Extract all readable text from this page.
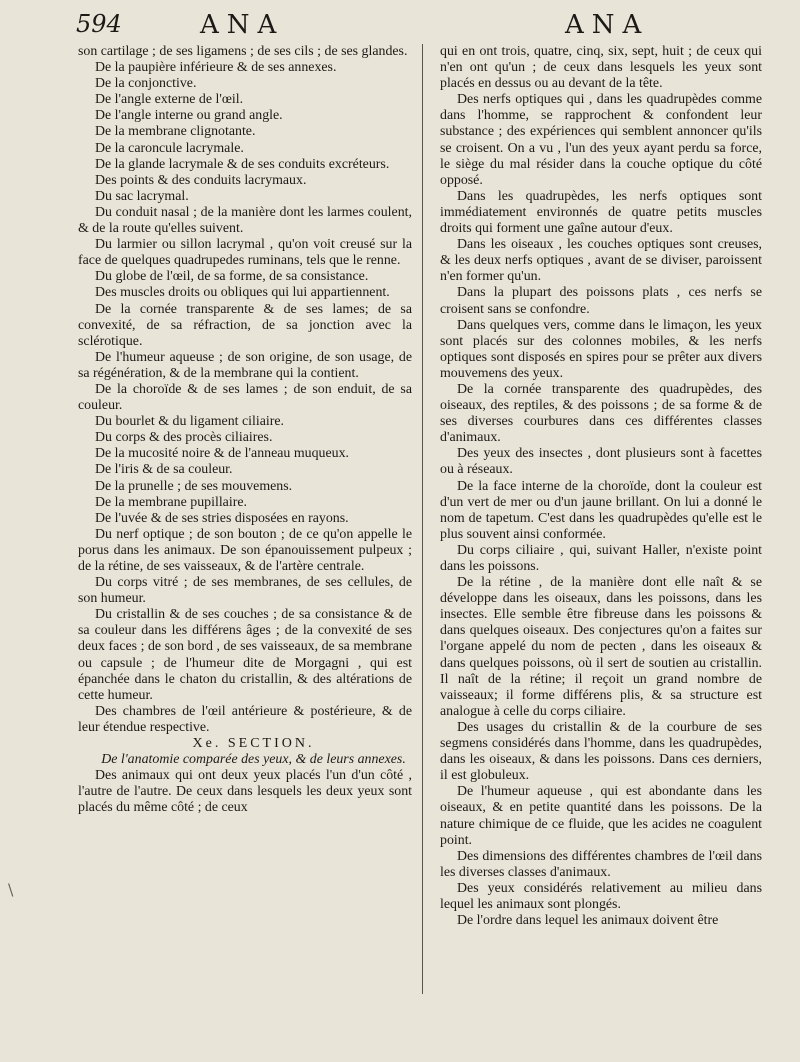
594	ANA	ANA
\

son cartilage ; de ses ligamens ; de ses cils ; de ses glandes.

De la paupière inférieure & de ses annexes.

De la conjonctive.

De l'angle externe de l'œil.

De l'angle interne ou grand angle.

De la membrane clignotante.

De la caroncule lacrymale.

De la glande lacrymale & de ses conduits excréteurs.

Des points & des conduits lacrymaux.

Du sac lacrymal.

Du conduit nasal ; de la manière dont les larmes coulent, & de la route qu'elles suivent.

Du larmier ou sillon lacrymal , qu'on voit creusé sur la face de quelques quadrupedes ruminans, tels que le renne.

Du globe de l'œil, de sa forme, de sa consistance.

Des muscles droits ou obliques qui lui appartiennent.

De la cornée transparente & de ses lames; de sa convexité, de sa réfraction, de sa jonction avec la sclérotique.

De l'humeur aqueuse ; de son origine, de son usage, de sa régénération, & de la membrane qui la contient.

De la choroïde & de ses lames ; de son enduit, de sa couleur.

Du bourlet & du ligament ciliaire.

Du corps & des procès ciliaires.

De la mucosité noire & de l'anneau muqueux.

De l'iris & de sa couleur.

De la prunelle ; de ses mouvemens.

De la membrane pupillaire.

De l'uvée & de ses stries disposées en rayons.

Du nerf optique ; de son bouton ; de ce qu'on appelle le porus dans les animaux. De son épanouissement pulpeux ; de la rétine, de ses vaisseaux, & de l'artère centrale.

Du corps vitré ; de ses membranes, de ses cellules, de son humeur.

Du cristallin & de ses couches ; de sa consistance & de sa couleur dans les différens âges ; de la convexité de ses deux faces ; de son bord , de ses vaisseaux, de sa membrane ou capsule ; de l'humeur dite de Morgagni , qui est épanchée dans le chaton du cristallin, & des altérations de cette humeur.

Des chambres de l'œil antérieure & postérieure, & de leur étendue respective.

Xe. SECTION.

De l'anatomie comparée des yeux, & de leurs annexes.

Des animaux qui ont deux yeux placés l'un d'un côté , l'autre de l'autre. De ceux dans lesquels les deux yeux sont placés du même côté ; de ceux

qui en ont trois, quatre, cinq, six, sept, huit ; de ceux qui n'en ont qu'un ; de ceux dans lesquels les yeux sont placés en dessus ou au devant de la tête.

Des nerfs optiques qui , dans les quadrupèdes comme dans l'homme, se rapprochent & confondent leur substance ; des expériences qui semblent annoncer qu'ils se croisent. On a vu , l'un des yeux ayant perdu sa force, le siège du mal résider dans la couche optique du côté opposé.

Dans les quadrupèdes, les nerfs optiques sont immédiatement environnés de quatre petits muscles droits qui forment une gaîne autour d'eux.

Dans les oiseaux , les couches optiques sont creuses, & les deux nerfs optiques , avant de se diviser, paroissent n'en former qu'un.

Dans la plupart des poissons plats , ces nerfs se croisent sans se confondre.

Dans quelques vers, comme dans le limaçon, les yeux sont placés sur des colonnes mobiles, & les nerfs optiques sont disposés en spires pour se prêter aux divers mouvemens des yeux.

De la cornée transparente des quadrupèdes, des oiseaux, des reptiles, & des poissons ; de sa forme & de ses diverses courbures dans ces différentes classes d'animaux.

Des yeux des insectes , dont plusieurs sont à facettes ou à réseaux.

De la face interne de la choroïde, dont la couleur est d'un vert de mer ou d'un jaune brillant. On lui a donné le nom de tapetum. C'est dans les quadrupèdes qu'elle est le plus souvent ainsi conformée.

Du corps ciliaire , qui, suivant Haller, n'existe point dans les poissons.

De la rétine , de la manière dont elle naît & se développe dans les oiseaux, dans les poissons, dans les insectes. Elle semble être fibreuse dans les poissons & dans quelques oiseaux. Des conjectures qu'on a faites sur l'organe appelé du nom de pecten , dans les oiseaux & dans quelques poissons, où il sert de soutien au cristallin. Il naît de la rétine; il reçoit un grand nombre de vaisseaux; il forme différens plis, & sa structure est analogue à celle du corps ciliaire.

Des usages du cristallin & de la courbure de ses segmens considérés dans l'homme, dans les quadrupèdes, dans les oiseaux, & dans les poissons. Dans ces derniers, il est globuleux.

De l'humeur aqueuse , qui est abondante dans les oiseaux, & en petite quantité dans les poissons. De la nature chimique de ce fluide, que les acides ne coagulent point.

Des dimensions des différentes chambres de l'œil dans les diverses classes d'animaux.

Des yeux considérés relativement au milieu dans lequel les animaux sont plongés.

De l'ordre dans lequel les animaux doivent être
